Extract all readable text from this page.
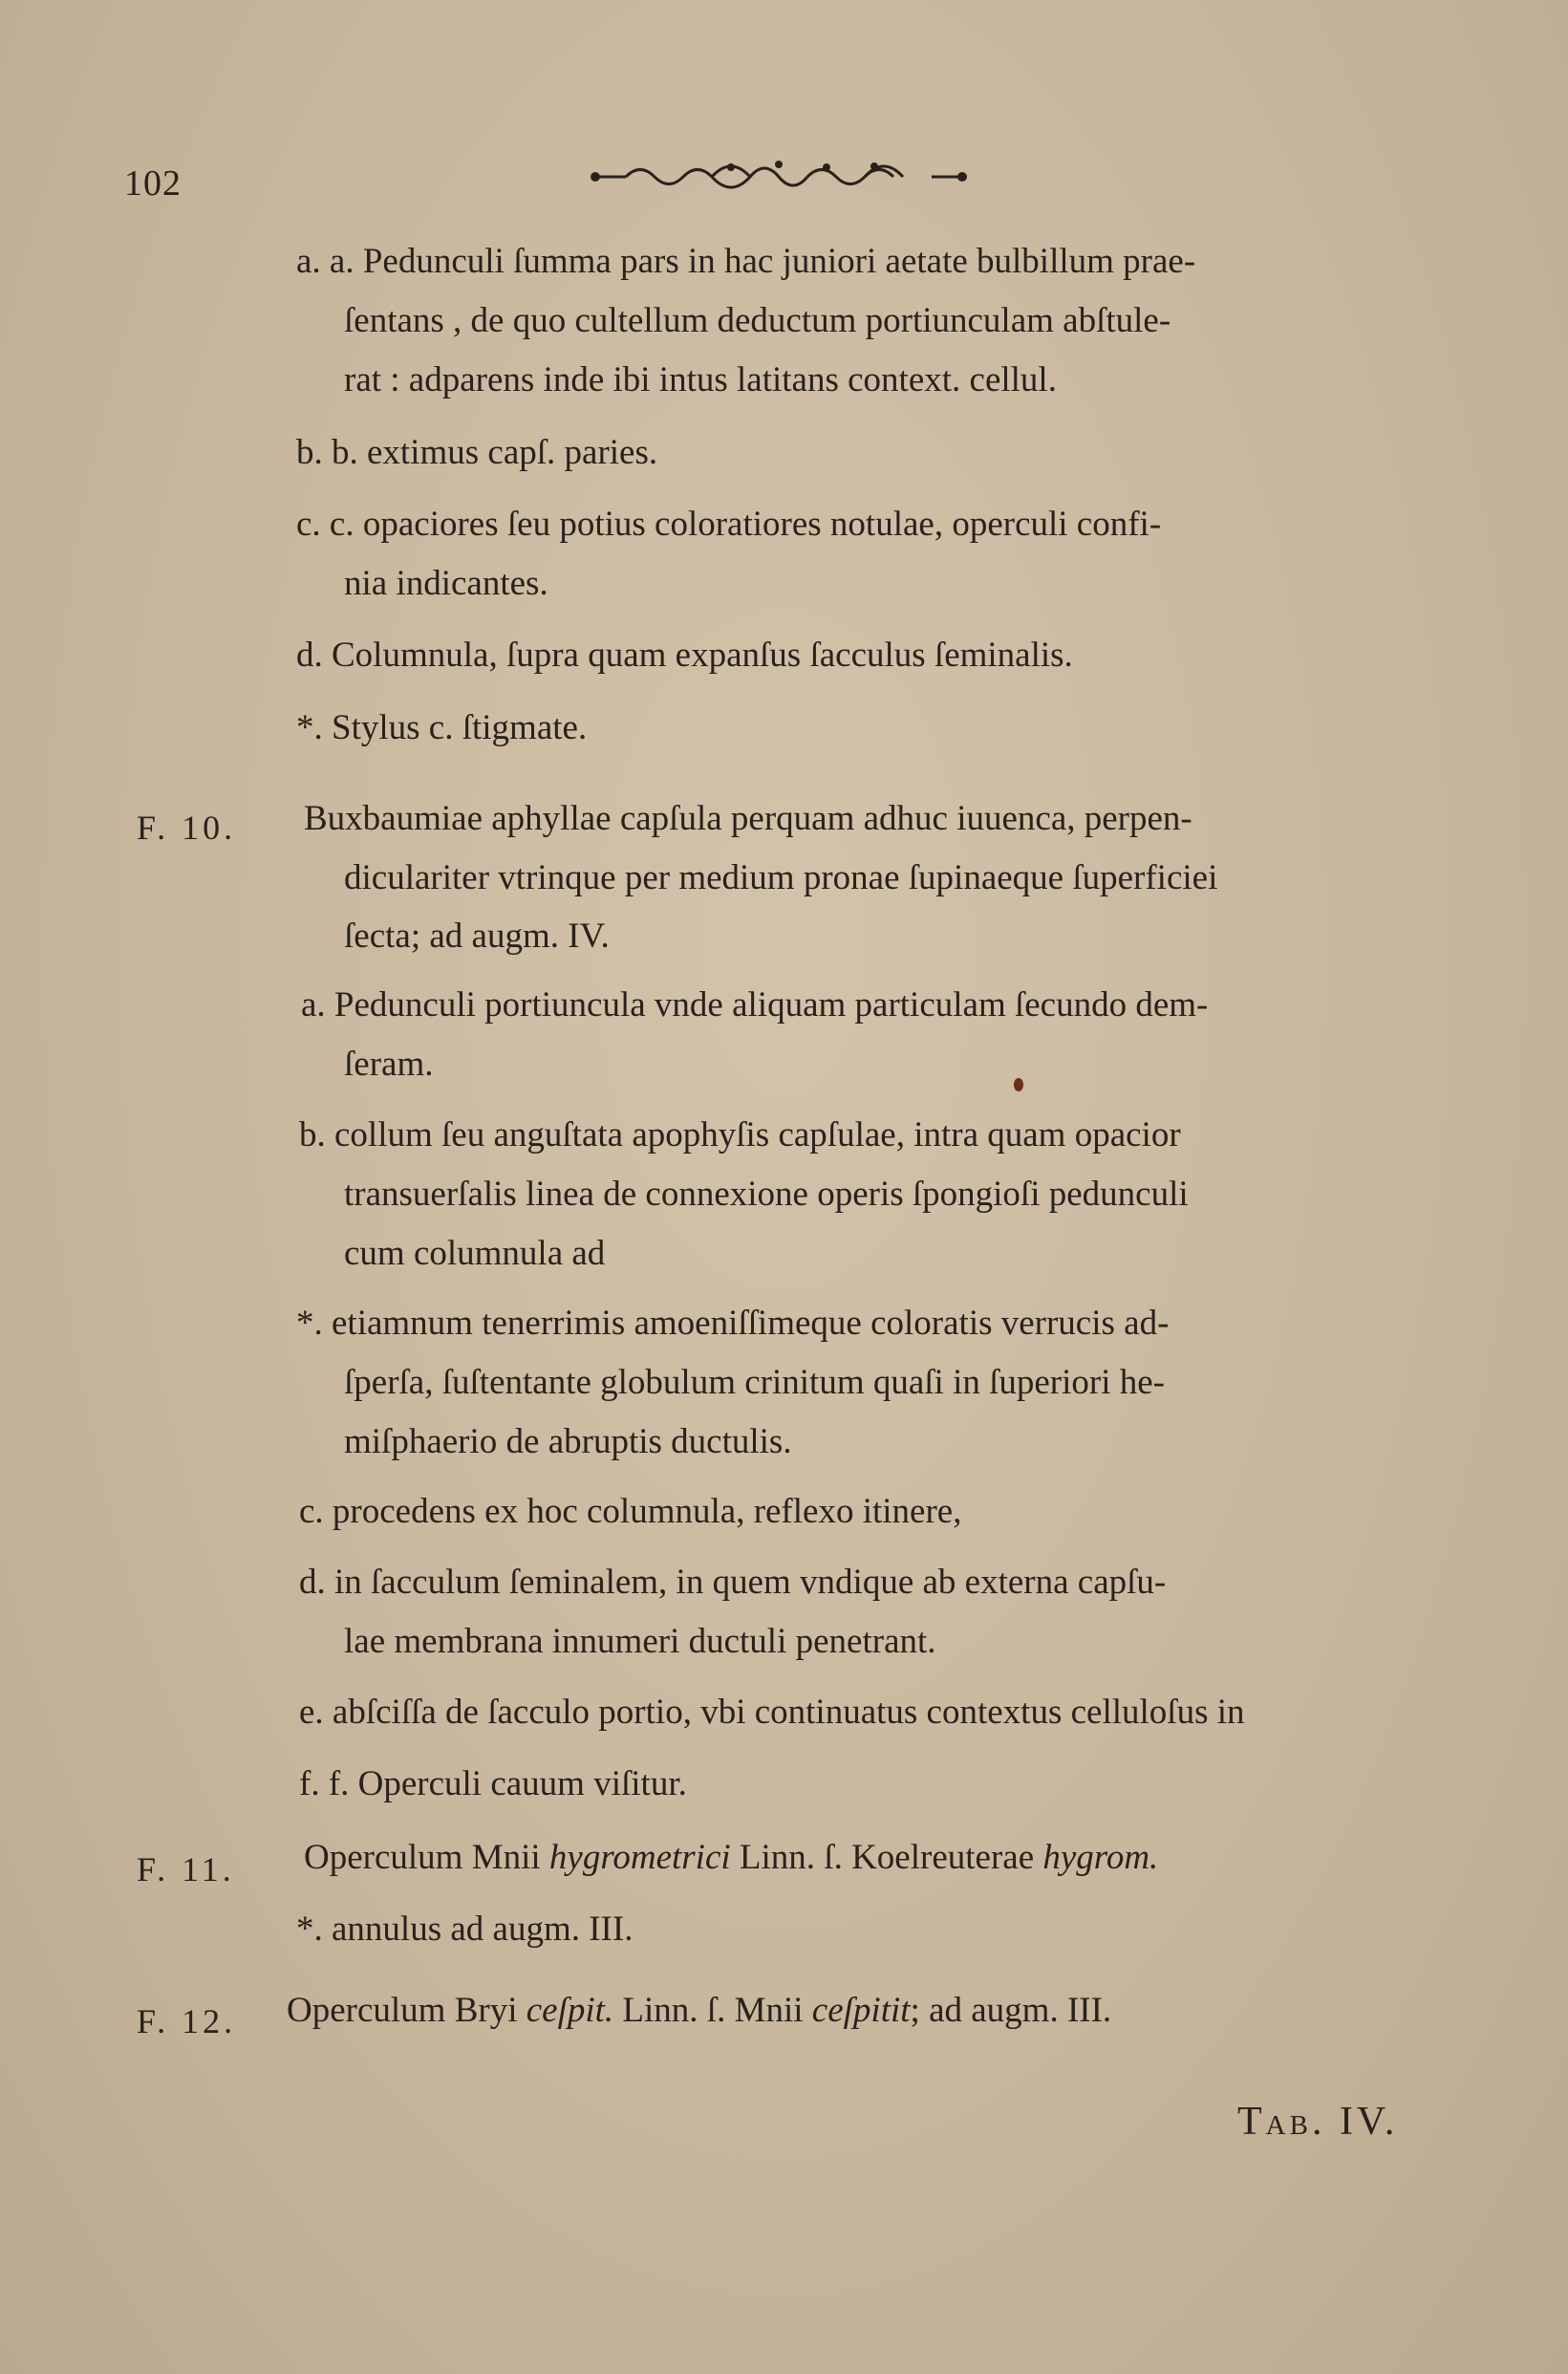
102
a. a. Pedunculi ſumma pars in hac juniori aetate bulbillum prae-
ſentans , de quo cultellum deductum portiunculam abſtule-
rat : adparens inde ibi intus latitans context. cellul.
b. b. extimus capſ. paries.
c. c. opaciores ſeu potius coloratiores notulae, operculi confi-
nia indicantes.
d. Columnula, ſupra quam expanſus ſacculus ſeminalis.
*. Stylus c. ſtigmate.
F. 10. Buxbaumiae aphyllae capſula perquam adhuc iuuenca, perpen-
diculariter vtrinque per medium pronae ſupinaeque ſuperficiei
ſecta; ad augm. IV.
a. Pedunculi portiuncula vnde aliquam particulam ſecundo dem-
ſeram.
b. collum ſeu anguſtata apophyſis capſulae, intra quam opacior
transuerſalis linea de connexione operis ſpongioſi pedunculi
cum columnula ad
*. etiamnum tenerrimis amoeniſſimeque coloratis verrucis ad-
ſperſa, ſuſtentante globulum crinitum quaſi in ſuperiori he-
miſphaerio de abruptis ductulis.
c. procedens ex hoc columnula, reflexo itinere,
d. in ſacculum ſeminalem, in quem vndique ab externa capſu-
lae membrana innumeri ductuli penetrant.
e. abſciſſa de ſacculo portio, vbi continuatus contextus celluloſus in
f. f. Operculi cauum viſitur.
F. 11. Operculum Mnii hygrometrici Linn. ſ. Koelreuterae hygrom.
*. annulus ad augm. III.
F. 12. Operculum Bryi ceſpit. Linn. ſ. Mnii ceſpitit; ad augm. III.
Tab. IV.
